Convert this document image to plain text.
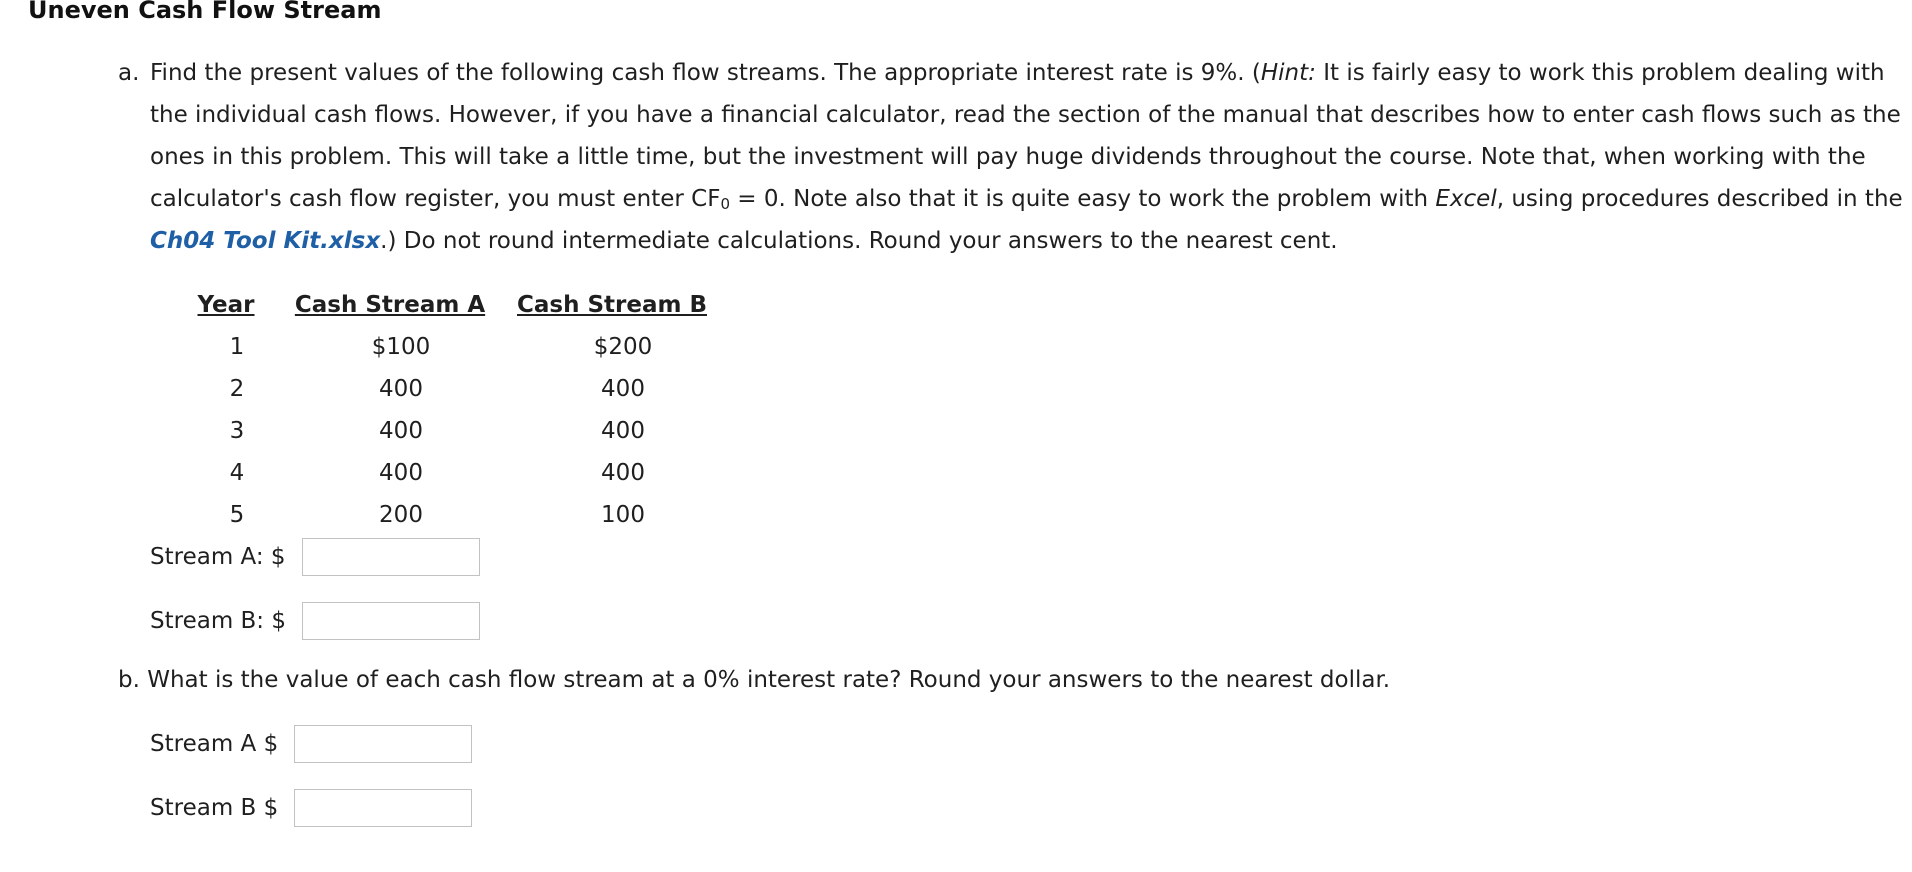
Uneven Cash Flow Stream
a. Find the present values of the following cash flow streams. The appropriate interest rate is 9%. (Hint: It is fairly easy to work this problem dealing with the individual cash flows. However, if you have a financial calculator, read the section of the manual that describes how to enter cash flows such as the ones in this problem. This will take a little time, but the investment will pay huge dividends throughout the course. Note that, when working with the calculator's cash flow register, you must enter $CF_0 = 0$. Note also that it is quite easy to work the problem with Excel, using procedures described in the Ch04 Tool Kit.xlsx.) Do not round intermediate calculations. Round your answers to the nearest cent.
Year	Cash Stream A	Cash Stream B
1	$100	$200
2	400	400
3	400	400
4	400	400
5	200	100
Stream A: $
Stream B: $
b. What is the value of each cash flow stream at a 0% interest rate? Round your answers to the nearest dollar.
Stream A $
Stream B $
